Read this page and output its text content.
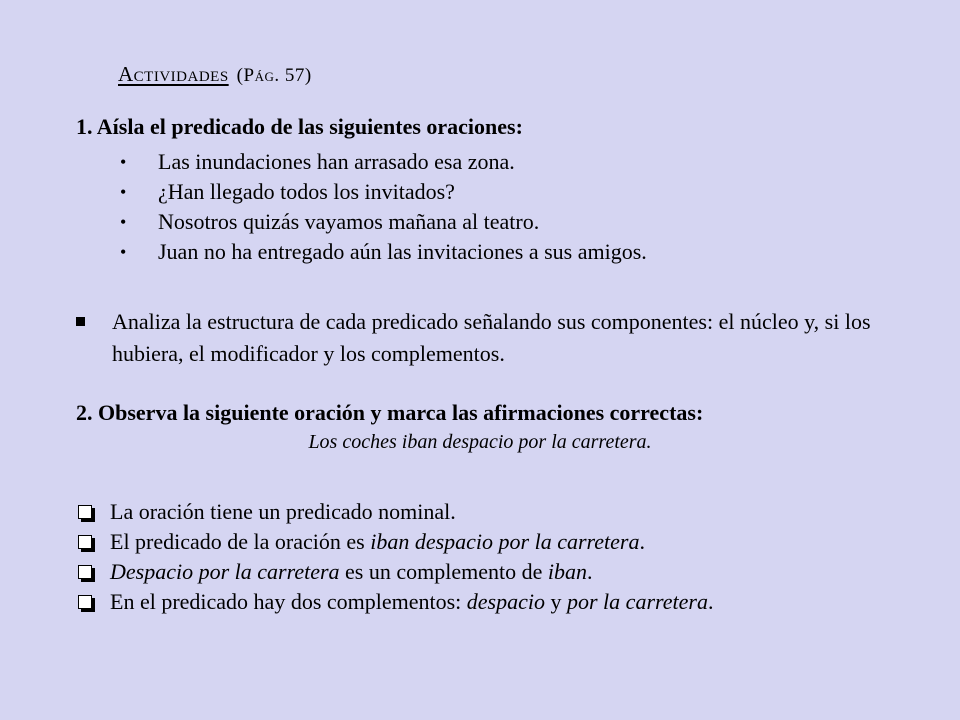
Actividades (Pág. 57)
1. Aísla el predicado de las siguientes oraciones:
• Las inundaciones han arrasado esa zona.
• ¿Han llegado todos los invitados?
• Nosotros quizás vayamos mañana al teatro.
• Juan no ha entregado aún las invitaciones a sus amigos.
Analiza la estructura de cada predicado señalando sus componentes: el núcleo y, si los hubiera, el modificador y los complementos.
2. Observa la siguiente oración y marca las afirmaciones correctas:
Los coches iban despacio por la carretera.
La oración tiene un predicado nominal.
El predicado de la oración es iban despacio por la carretera.
Despacio por la carretera es un complemento de iban.
En el predicado hay dos complementos: despacio y por la carretera.
